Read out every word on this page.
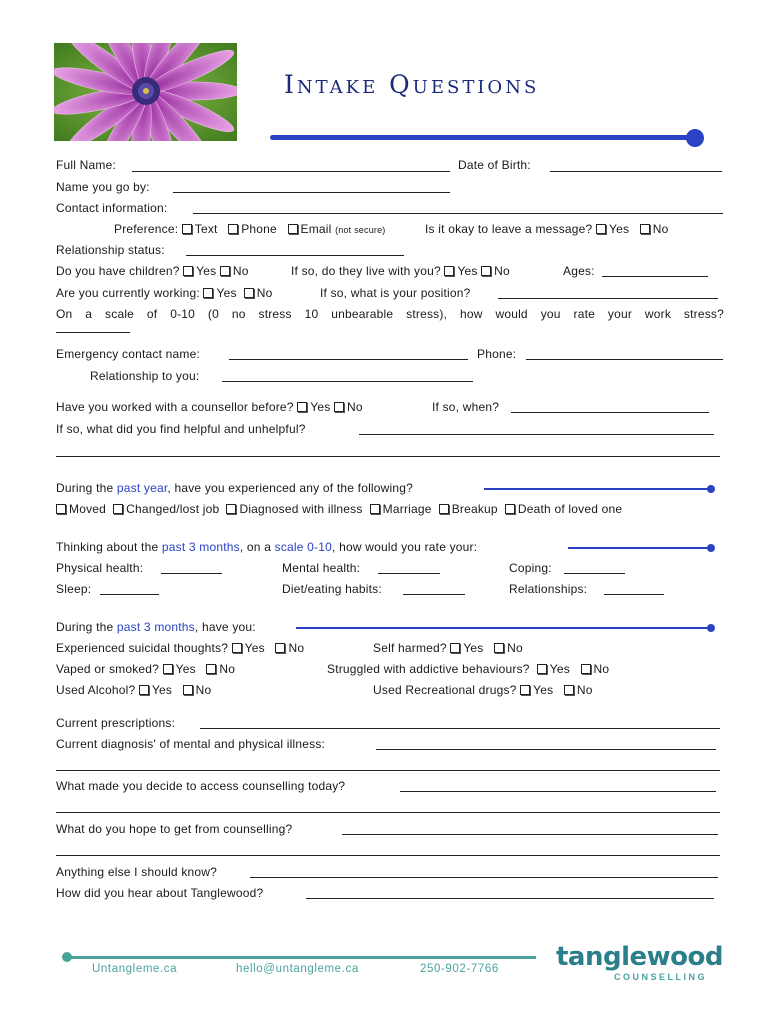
Intake Questions
Full Name:	Date of Birth:
Name you go by:
Contact information:
Preference: Text Phone Email (not secure)	Is it okay to leave a message? Yes No
Relationship status:
Do you have children? Yes No	If so, do they live with you? Yes No	Ages:
Are you currently working: Yes No	If so, what is your position?
On a scale of 0-10 (0 no stress 10 unbearable stress), how would you rate your work stress?
Emergency contact name:	Phone:
Relationship to you:
Have you worked with a counsellor before? Yes No	If so, when?
If so, what did you find helpful and unhelpful?
During the past year, have you experienced any of the following?
Moved Changed/lost job Diagnosed with illness Marriage Breakup Death of loved one
Thinking about the past 3 months, on a scale 0-10, how would you rate your:
Physical health:	Mental health:	Coping:
Sleep:	Diet/eating habits:	Relationships:
During the past 3 months, have you:
Experienced suicidal thoughts? Yes No	Self harmed? Yes No
Vaped or smoked? Yes No	Struggled with addictive behaviours? Yes No
Used Alcohol? Yes No	Used Recreational drugs? Yes No
Current prescriptions:
Current diagnosis' of mental and physical illness:
What made you decide to access counselling today?
What do you hope to get from counselling?
Anything else I should know?
How did you hear about Tanglewood?
Untangleme.ca	hello@untangleme.ca	250-902-7766 tanglewood
COUNSELLING
